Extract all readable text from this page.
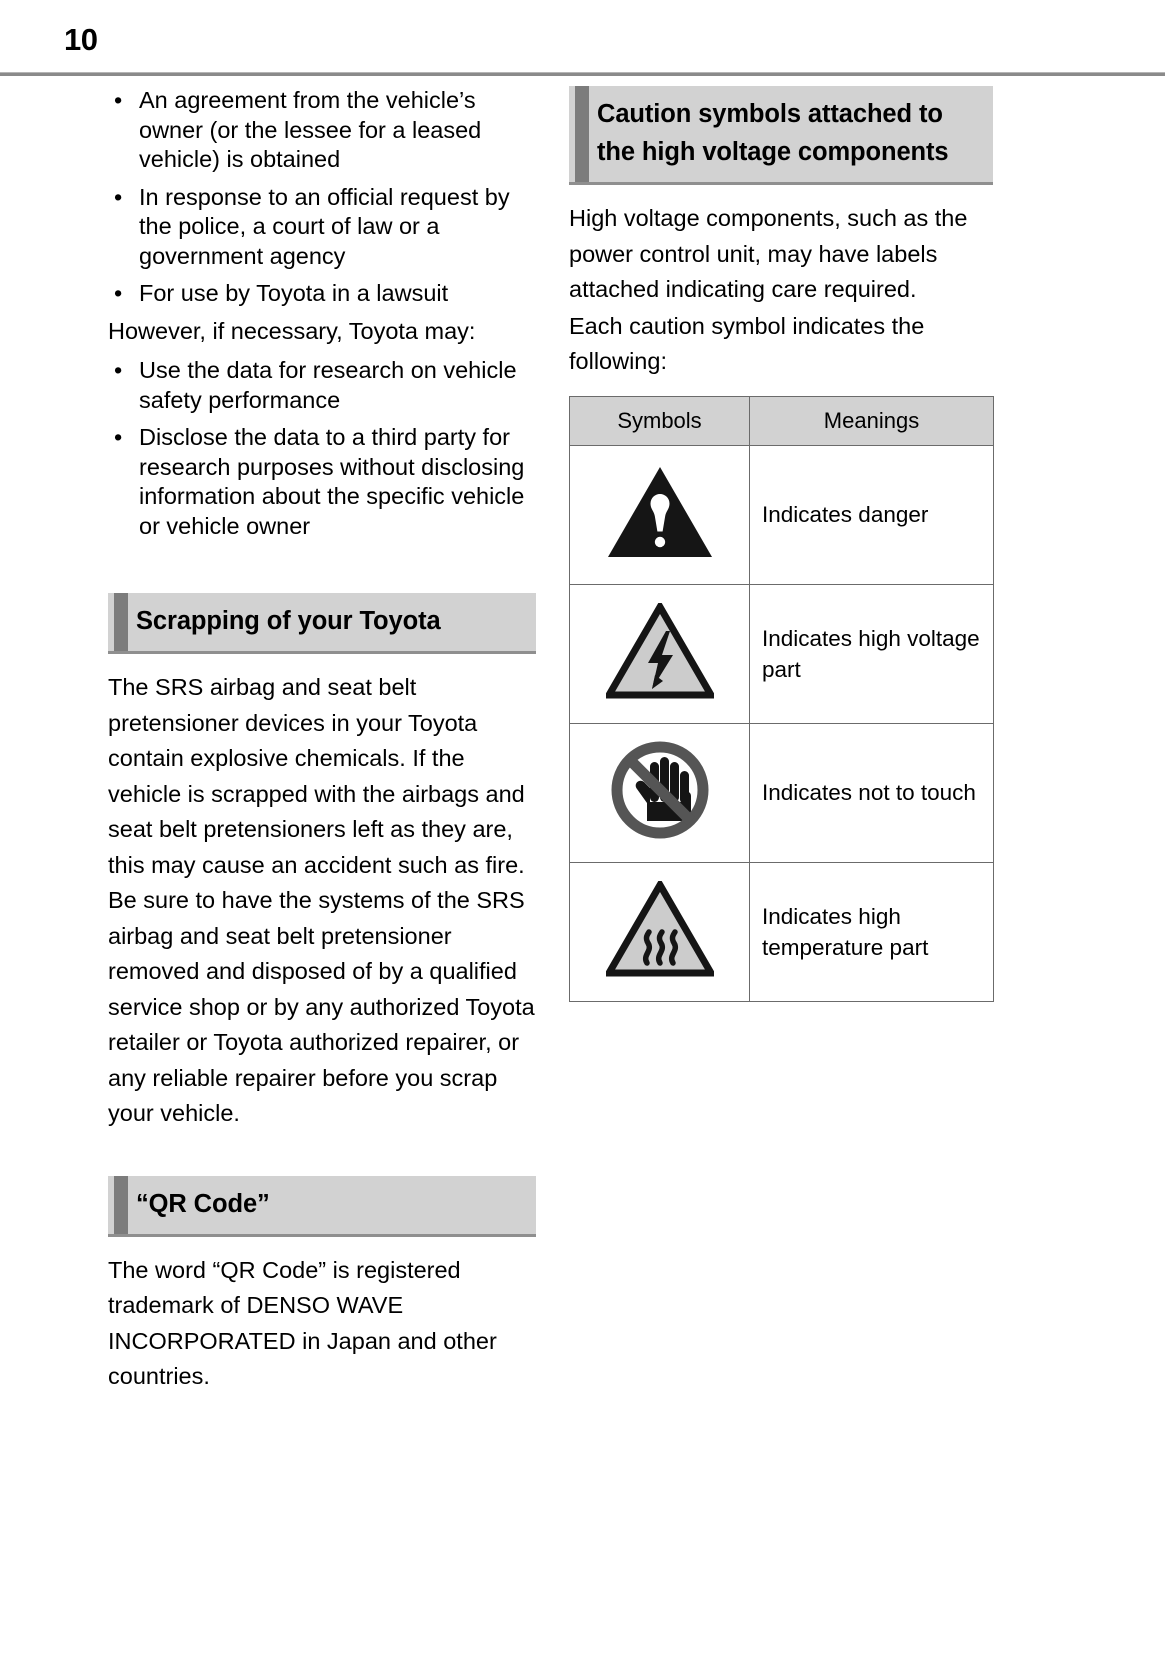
10
• An agreement from the vehicle’s owner (or the lessee for a leased vehicle) is obtained
• In response to an official request by the police, a court of law or a government agency
• For use by Toyota in a lawsuit

However, if necessary, Toyota may:

• Use the data for research on vehicle safety performance
• Disclose the data to a third party for research purposes without disclosing information about the specific vehicle or vehicle owner
Scrapping of your Toyota

The SRS airbag and seat belt pretensioner devices in your Toyota contain explosive chemicals. If the vehicle is scrapped with the airbags and seat belt pretensioners left as they are, this may cause an accident such as fire. Be sure to have the systems of the SRS airbag and seat belt pretensioner removed and disposed of by a qualified service shop or by any authorized Toyota retailer or Toyota authorized repairer, or any reliable repairer before you scrap your vehicle.

“QR Code”

The word “QR Code” is registered trademark of DENSO WAVE INCORPORATED in Japan and other countries.

Caution symbols attached to the high voltage components

High voltage components, such as the power control unit, may have labels attached indicating care required.

Each caution symbol indicates the following:

Symbols	Meanings
	Indicates danger
	Indicates high voltage part
	Indicates not to touch
	Indicates high temperature part
